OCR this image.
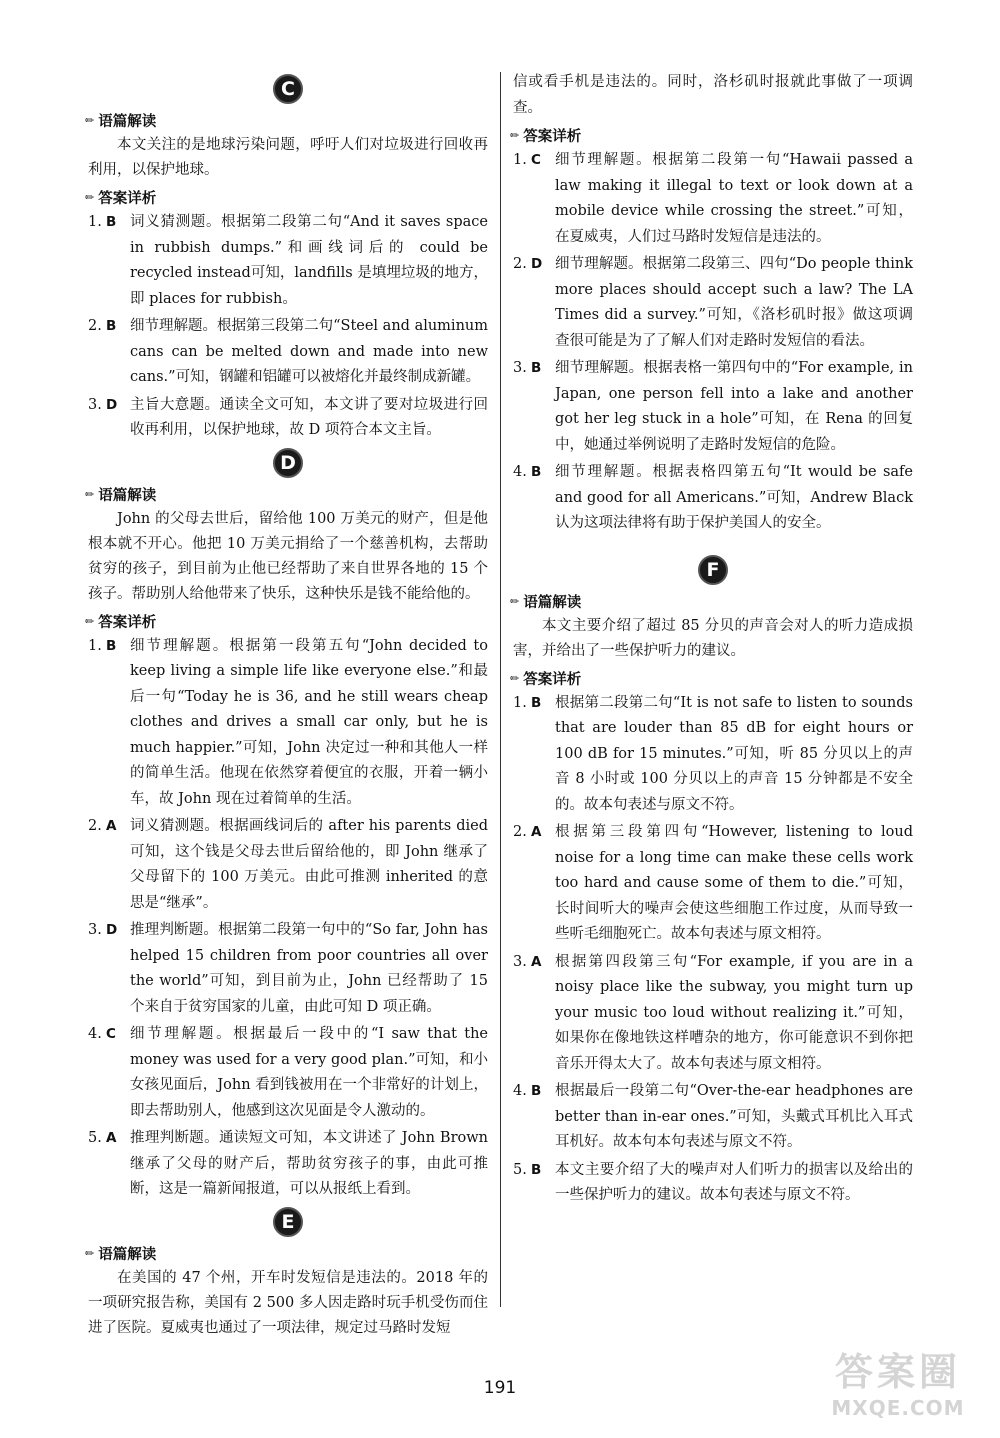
C
✏ 语篇解读

本文关注的是地球污染问题，呼吁人们对垃圾进行回收再利用，以保护地球。

✏ 答案详析
1. B 词义猜测题。根据第二段第二句“And it saves space in rubbish dumps.”和画线词后的 could be recycled instead可知，landfills 是填埋垃圾的地方，即 places for rubbish。
2. B 细节理解题。根据第三段第二句“Steel and aluminum cans can be melted down and made into new cans.”可知，钢罐和铝罐可以被熔化并最终制成新罐。
3. D 主旨大意题。通读全文可知，本文讲了要对垃圾进行回收再利用，以保护地球，故 D 项符合本文主旨。
D
✏ 语篇解读

John 的父母去世后，留给他 100 万美元的财产，但是他根本就不开心。他把 10 万美元捐给了一个慈善机构，去帮助贫穷的孩子，到目前为止他已经帮助了来自世界各地的 15 个孩子。帮助别人给他带来了快乐，这种快乐是钱不能给他的。

✏ 答案详析
1. B 细节理解题。根据第一段第五句“John decided to keep living a simple life like everyone else.”和最后一句“Today he is 36, and he still wears cheap clothes and drives a small car only, but he is much happier.”可知，John 决定过一种和其他人一样的简单生活。他现在依然穿着便宜的衣服，开着一辆小车，故 John 现在过着简单的生活。
2. A 词义猜测题。根据画线词后的 after his parents died 可知，这个钱是父母去世后留给他的，即 John 继承了父母留下的 100 万美元。由此可推测 inherited 的意思是“继承”。
3. D 推理判断题。根据第二段第一句中的“So far, John has helped 15 children from poor countries all over the world”可知，到目前为止，John 已经帮助了 15 个来自于贫穷国家的儿童，由此可知 D 项正确。
4. C 细节理解题。根据最后一段中的“I saw that the money was used for a very good plan.”可知，和小女孩见面后，John 看到钱被用在一个非常好的计划上，即去帮助别人，他感到这次见面是令人激动的。
5. A 推理判断题。通读短文可知，本文讲述了 John Brown 继承了父母的财产后，帮助贫穷孩子的事，由此可推断，这是一篇新闻报道，可以从报纸上看到。
E
✏ 语篇解读

在美国的 47 个州，开车时发短信是违法的。2018 年的一项研究报告称，美国有 2 500 多人因走路时玩手机受伤而住进了医院。夏威夷也通过了一项法律，规定过马路时发短

信或看手机是违法的。同时，洛杉矶时报就此事做了一项调查。

✏ 答案详析
1. C 细节理解题。根据第二段第一句“Hawaii passed a law making it illegal to text or look down at a mobile device while crossing the street.”可知，在夏威夷，人们过马路时发短信是违法的。
2. D 细节理解题。根据第二段第三、四句“Do people think more places should accept such a law? The LA Times did a survey.”可知，《洛杉矶时报》做这项调查很可能是为了了解人们对走路时发短信的看法。
3. B 细节理解题。根据表格一第四句中的“For example, in Japan, one person fell into a lake and another got her leg stuck in a hole”可知，在 Rena 的回复中，她通过举例说明了走路时发短信的危险。
4. B 细节理解题。根据表格四第五句“It would be safe and good for all Americans.”可知，Andrew Black 认为这项法律将有助于保护美国人的安全。
F
✏ 语篇解读

本文主要介绍了超过 85 分贝的声音会对人的听力造成损害，并给出了一些保护听力的建议。

✏ 答案详析
1. B 根据第二段第二句“It is not safe to listen to sounds that are louder than 85 dB for eight hours or 100 dB for 15 minutes.”可知，听 85 分贝以上的声音 8 小时或 100 分贝以上的声音 15 分钟都是不安全的。故本句表述与原文不符。
2. A 根据第三段第四句“However, listening to loud noise for a long time can make these cells work too hard and cause some of them to die.”可知，长时间听大的噪声会使这些细胞工作过度，从而导致一些听毛细胞死亡。故本句表述与原文相符。
3. A 根据第四段第三句“For example, if you are in a noisy place like the subway, you might turn up your music too loud without realizing it.”可知，如果你在像地铁这样嘈杂的地方，你可能意识不到你把音乐开得太大了。故本句表述与原文相符。
4. B 根据最后一段第二句“Over-the-ear headphones are better than in-ear ones.”可知，头戴式耳机比入耳式耳机好。故本句本句表述与原文不符。
5. B 本文主要介绍了大的噪声对人们听力的损害以及给出的一些保护听力的建议。故本句表述与原文不符。
191	答案圈
MXQE.COM
